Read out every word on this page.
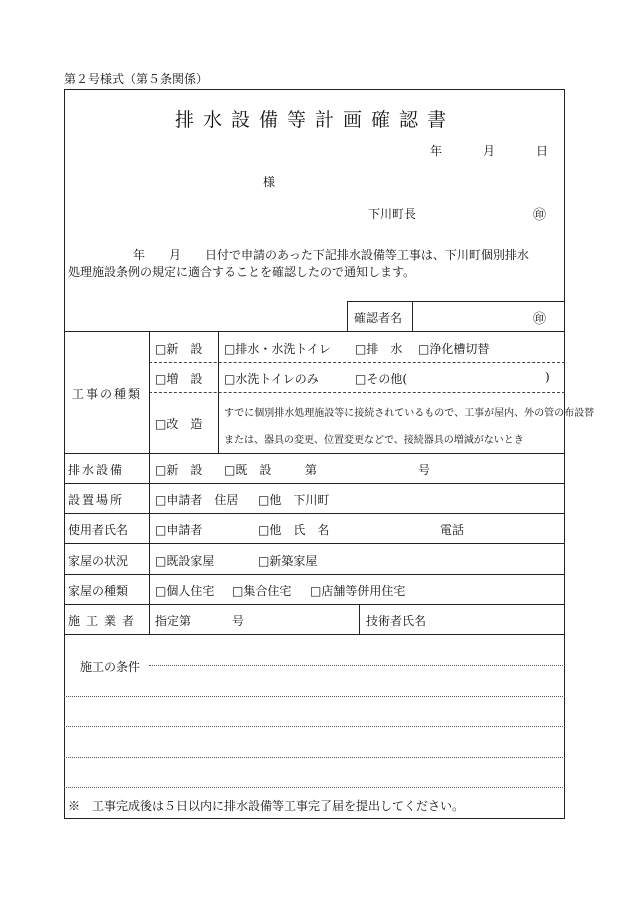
第２号様式（第５条関係）
排水設備等計画確認書
年	月	日
様
下川町長	㊞
年　　月　　日付で申請のあった下記排水設備等工事は、下川町個別排水
処理施設条例の規定に適合することを確認したので通知します。
確認者名	㊞
工事の種類
□新　設 □排水・水洗トイレ □排　水 □浄化槽切替
□増　設 □水洗トイレのみ	□その他(	)
□改　造
すでに個別排水処理施設等に接続されているもので、工事が屋内、外の管の布設替
または、器具の変更、位置変更などで、接続器具の増減がないとき
排水設備	□新　設 □既　設	第	号
設置場所	□申請者　住居 □他　下川町
使用者氏名 □申請者	□他　氏　名	電話
家屋の状況 □既設家屋	□新築家屋
家屋の種類 □個人住宅 □集合住宅 □店舗等併用住宅
施工業者 指定第	号	技術者氏名
施工の条件
※　工事完成後は５日以内に排水設備等工事完了届を提出してください。
